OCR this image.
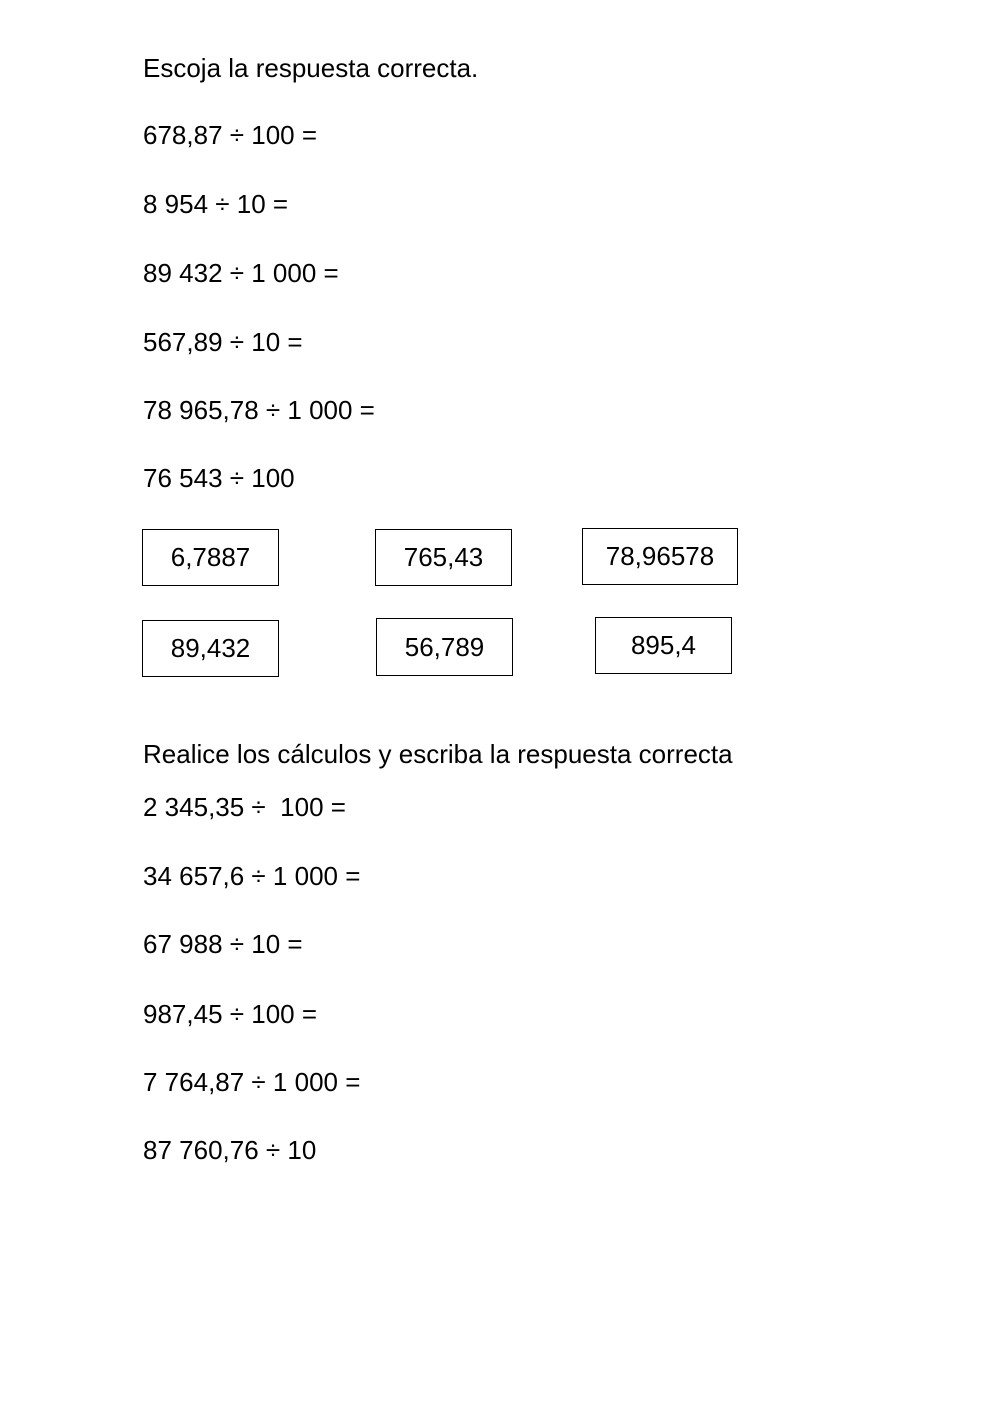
Escoja la respuesta correcta.
678,87 ÷ 100 =
8 954 ÷ 10 =
89 432 ÷ 1 000 =
567,89 ÷ 10 =
78 965,78 ÷ 1 000 =
76 543 ÷ 100
6,7887	765,43	78,96578
89,432	56,789	895,4
Realice los cálculos y escriba la respuesta correcta
2 345,35 ÷  100 =
34 657,6 ÷ 1 000 =
67 988 ÷ 10 =
987,45 ÷ 100 =
7 764,87 ÷ 1 000 =
87 760,76 ÷ 10
